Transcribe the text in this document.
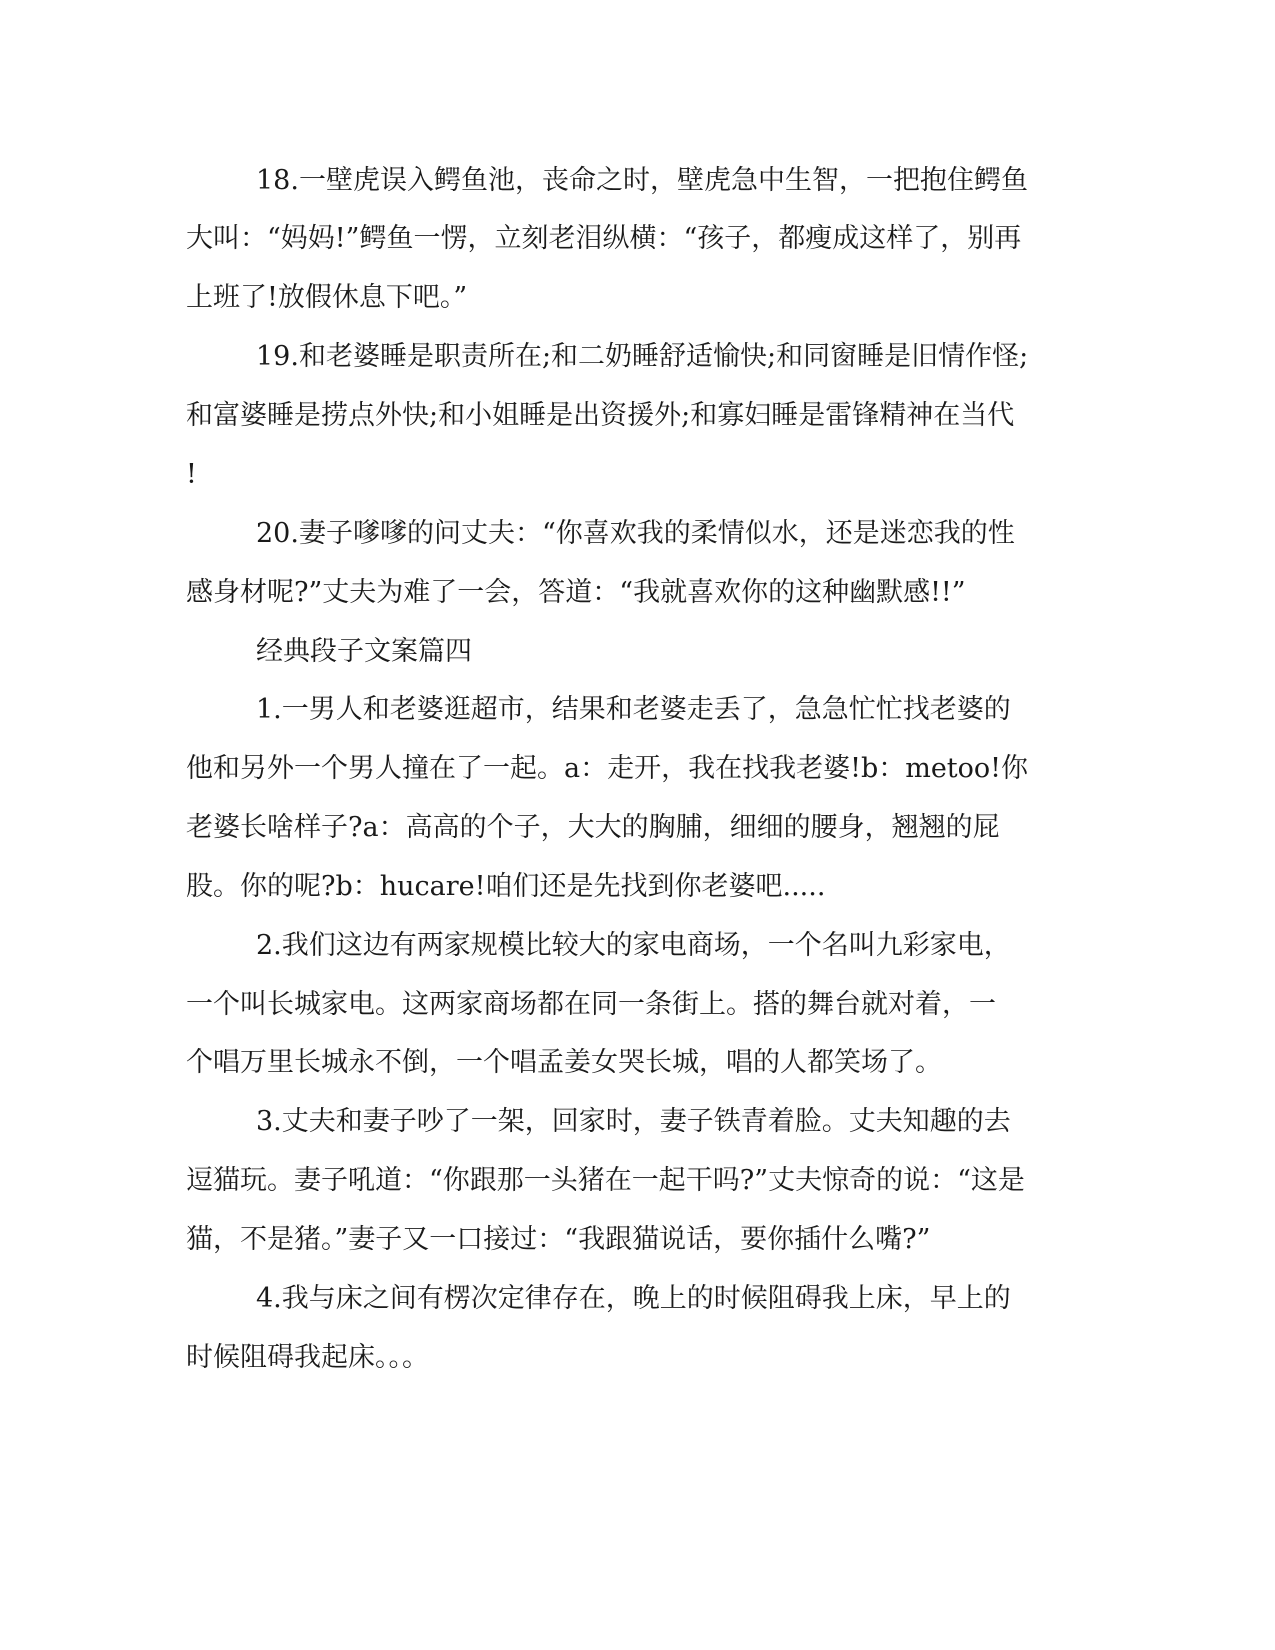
18.一壁虎误入鳄鱼池，丧命之时，壁虎急中生智，一把抱住鳄鱼
大叫：“妈妈!”鳄鱼一愣，立刻老泪纵横：“孩子，都瘦成这样了，别再
上班了!放假休息下吧。”
19.和老婆睡是职责所在;和二奶睡舒适愉快;和同窗睡是旧情作怪;
和富婆睡是捞点外快;和小姐睡是出资援外;和寡妇睡是雷锋精神在当代
!
20.妻子嗲嗲的问丈夫：“你喜欢我的柔情似水，还是迷恋我的性
感身材呢?”丈夫为难了一会，答道：“我就喜欢你的这种幽默感!!”
经典段子文案篇四
1.一男人和老婆逛超市，结果和老婆走丢了，急急忙忙找老婆的
他和另外一个男人撞在了一起。a：走开，我在找我老婆!b：metoo!你
老婆长啥样子?a：高高的个子，大大的胸脯，细细的腰身，翘翘的屁
股。你的呢?b：hucare!咱们还是先找到你老婆吧.....
2.我们这边有两家规模比较大的家电商场，一个名叫九彩家电，
一个叫长城家电。这两家商场都在同一条街上。搭的舞台就对着，一
个唱万里长城永不倒，一个唱孟姜女哭长城，唱的人都笑场了。
3.丈夫和妻子吵了一架，回家时，妻子铁青着脸。丈夫知趣的去
逗猫玩。妻子吼道：“你跟那一头猪在一起干吗?”丈夫惊奇的说：“这是
猫，不是猪。”妻子又一口接过：“我跟猫说话，要你插什么嘴?”
4.我与床之间有楞次定律存在，晚上的时候阻碍我上床，早上的
时候阻碍我起床。。。
